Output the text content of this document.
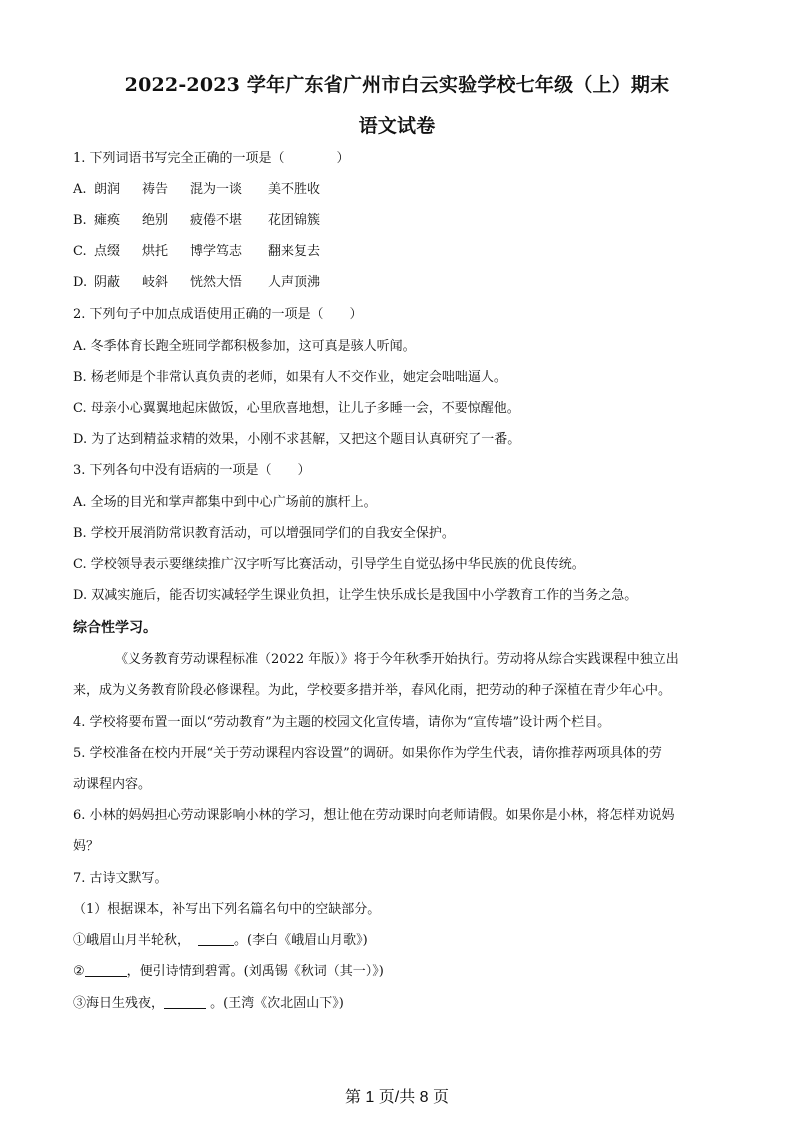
2022-2023 学年广东省广州市白云实验学校七年级（上）期末
语文试卷
1. 下列词语书写完全正确的一项是（　　　　）
A. 朗润 祷告 混为一谈 美不胜收
B. 瘫痪 绝别 疲倦不堪 花团锦簇
C. 点缀 烘托 博学笃志 翻来复去
D. 阴蔽 岐斜 恍然大悟 人声顶沸
2. 下列句子中加点成语使用正确的一项是（　　）
A. 冬季体育长跑全班同学都积极参加，这可真是骇人听闻。
B. 杨老师是个非常认真负责的老师，如果有人不交作业，她定会咄咄逼人。
C. 母亲小心翼翼地起床做饭，心里欣喜地想，让儿子多睡一会，不要惊醒他。
D. 为了达到精益求精的效果，小刚不求甚解，又把这个题目认真研究了一番。
3. 下列各句中没有语病的一项是（　　）
A. 全场的目光和掌声都集中到中心广场前的旗杆上。
B. 学校开展消防常识教育活动，可以增强同学们的自我安全保护。
C. 学校领导表示要继续推广汉字听写比赛活动，引导学生自觉弘扬中华民族的优良传统。
D. 双减实施后，能否切实减轻学生课业负担，让学生快乐成长是我国中小学教育工作的当务之急。
综合性学习。
《义务教育劳动课程标准（2022 年版）》将于今年秋季开始执行。劳动将从综合实践课程中独立出
来，成为义务教育阶段必修课程。为此，学校要多措并举，春风化雨，把劳动的种子深植在青少年心中。
4. 学校将要布置一面以“劳动教育”为主题的校园文化宣传墙，请你为“宣传墙”设计两个栏目。
5. 学校准备在校内开展“关于劳动课程内容设置”的调研。如果你作为学生代表，请你推荐两项具体的劳
动课程内容。
6. 小林的妈妈担心劳动课影响小林的学习，想让他在劳动课时向老师请假。如果你是小林，将怎样劝说妈
妈？
7. 古诗文默写。
（1）根据课本，补写出下列名篇名句中的空缺部分。
①峨眉山月半轮秋，	。(李白《峨眉山月歌》)
②	，便引诗情到碧霄。(刘禹锡《秋词（其一）》)
③海日生残夜，	。(王湾《次北固山下》)
第 1 页/共 8 页
